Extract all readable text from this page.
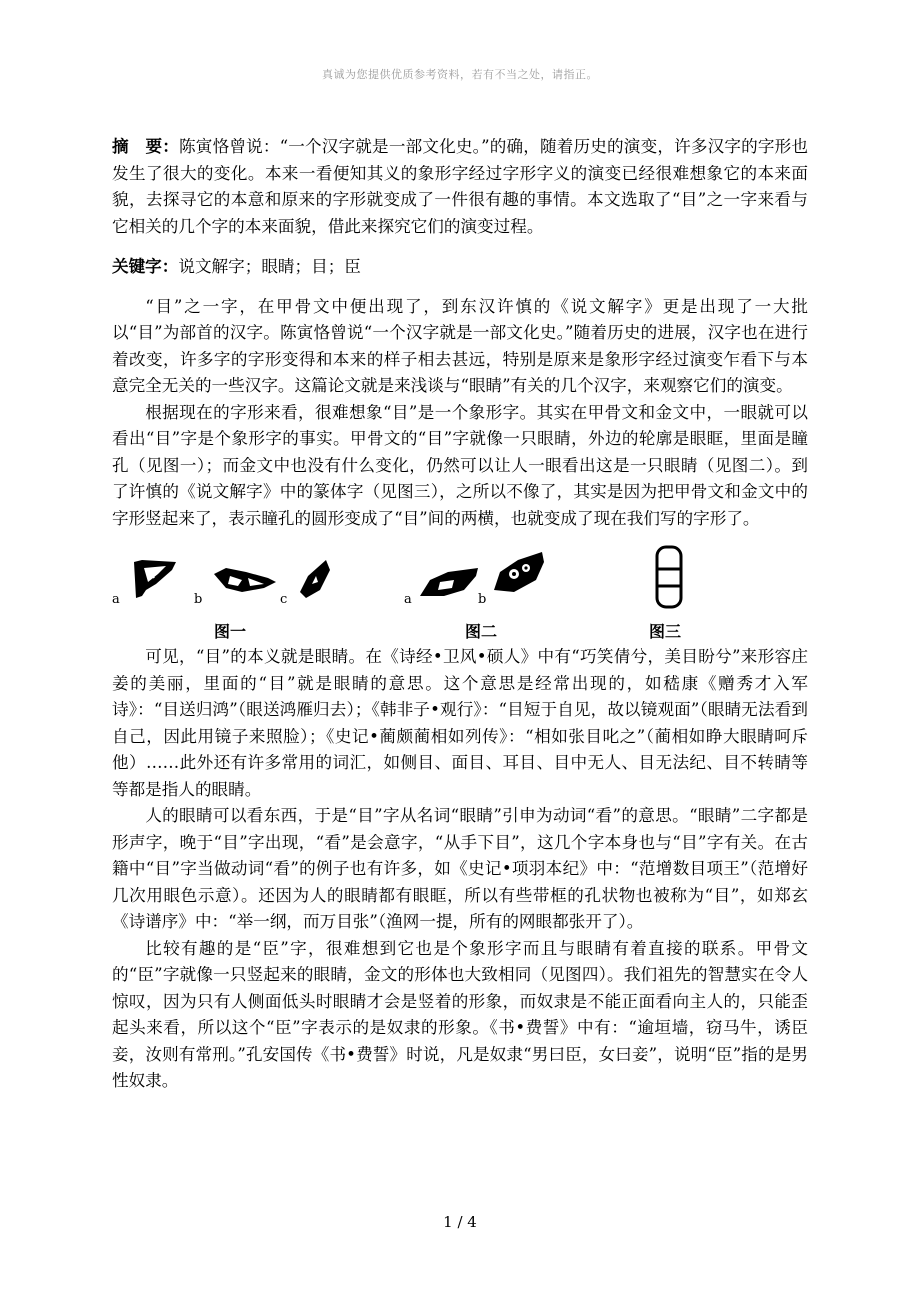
真诚为您提供优质参考资料，若有不当之处，请指正。

摘　要：陈寅恪曾说：“一个汉字就是一部文化史。”的确，随着历史的演变，许多汉字的字形也发生了很大的变化。本来一看便知其义的象形字经过字形字义的演变已经很难想象它的本来面貌，去探寻它的本意和原来的字形就变成了一件很有趣的事情。本文选取了“目”之一字来看与它相关的几个字的本来面貌，借此来探究它们的演变过程。

关键字：说文解字；眼睛；目；臣

“目”之一字，在甲骨文中便出现了，到东汉许慎的《说文解字》更是出现了一大批以“目”为部首的汉字。陈寅恪曾说“一个汉字就是一部文化史。”随着历史的进展，汉字也在进行着改变，许多字的字形变得和本来的样子相去甚远，特别是原来是象形字经过演变乍看下与本意完全无关的一些汉字。这篇论文就是来浅谈与“眼睛”有关的几个汉字，来观察它们的演变。

根据现在的字形来看，很难想象“目”是一个象形字。其实在甲骨文和金文中，一眼就可以看出“目”字是个象形字的事实。甲骨文的“目”字就像一只眼睛，外边的轮廓是眼眶，里面是瞳孔（见图一）；而金文中也没有什么变化，仍然可以让人一眼看出这是一只眼睛（见图二）。到了许慎的《说文解字》中的篆体字（见图三），之所以不像了，其实是因为把甲骨文和金文中的字形竖起来了，表示瞳孔的圆形变成了“目”间的两横，也就变成了现在我们写的字形了。

a	b	c
图一
a	b
图二	图三

可见，“目”的本义就是眼睛。在《诗经•卫风•硕人》中有“巧笑倩兮，美目盼兮”来形容庄姜的美丽，里面的“目”就是眼睛的意思。这个意思是经常出现的，如嵇康《赠秀才入军诗》：“目送归鸿”（眼送鸿雁归去）；《韩非子•观行》：“目短于自见，故以镜观面”（眼睛无法看到自己，因此用镜子来照脸）；《史记•蔺颇蔺相如列传》：“相如张目叱之”（蔺相如睁大眼睛呵斥他）……此外还有许多常用的词汇，如侧目、面目、耳目、目中无人、目无法纪、目不转睛等等都是指人的眼睛。

人的眼睛可以看东西，于是“目”字从名词“眼睛”引申为动词“看”的意思。“眼睛”二字都是形声字，晚于“目”字出现，“看”是会意字，“从手下目”，这几个字本身也与“目”字有关。在古籍中“目”字当做动词“看”的例子也有许多，如《史记•项羽本纪》中：“范增数目项王”（范增好几次用眼色示意）。还因为人的眼睛都有眼眶，所以有些带框的孔状物也被称为“目”，如郑玄《诗谱序》中：“举一纲，而万目张”（渔网一提，所有的网眼都张开了）。

比较有趣的是“臣”字，很难想到它也是个象形字而且与眼睛有着直接的联系。甲骨文的“臣”字就像一只竖起来的眼睛，金文的形体也大致相同（见图四）。我们祖先的智慧实在令人惊叹，因为只有人侧面低头时眼睛才会是竖着的形象，而奴隶是不能正面看向主人的，只能歪起头来看，所以这个“臣”字表示的是奴隶的形象。《书•费誓》中有：“逾垣墙，窃马牛，诱臣妾，汝则有常刑。”孔安国传《书•费誓》时说，凡是奴隶“男曰臣，女曰妾”，说明“臣”指的是男性奴隶。

1 / 4
